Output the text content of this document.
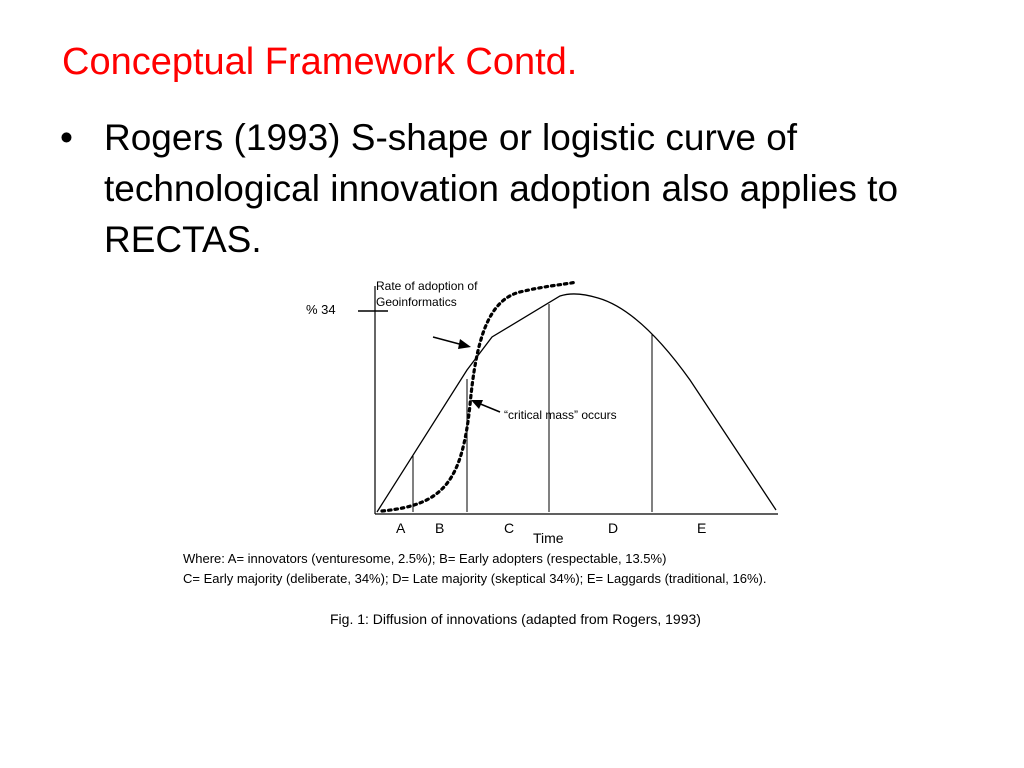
Conceptual Framework Contd.
• Rogers (1993) S-shape or logistic curve of technological innovation adoption also applies to RECTAS.
% 34
Rate of adoption of
Geoinformatics
“critical mass” occurs
A B	C	D	E
Time
Where: A= innovators (venturesome, 2.5%); B= Early adopters (respectable, 13.5%)
C= Early majority (deliberate, 34%); D= Late majority (skeptical 34%); E= Laggards (traditional, 16%).
Fig. 1: Diffusion of innovations (adapted from Rogers, 1993)
